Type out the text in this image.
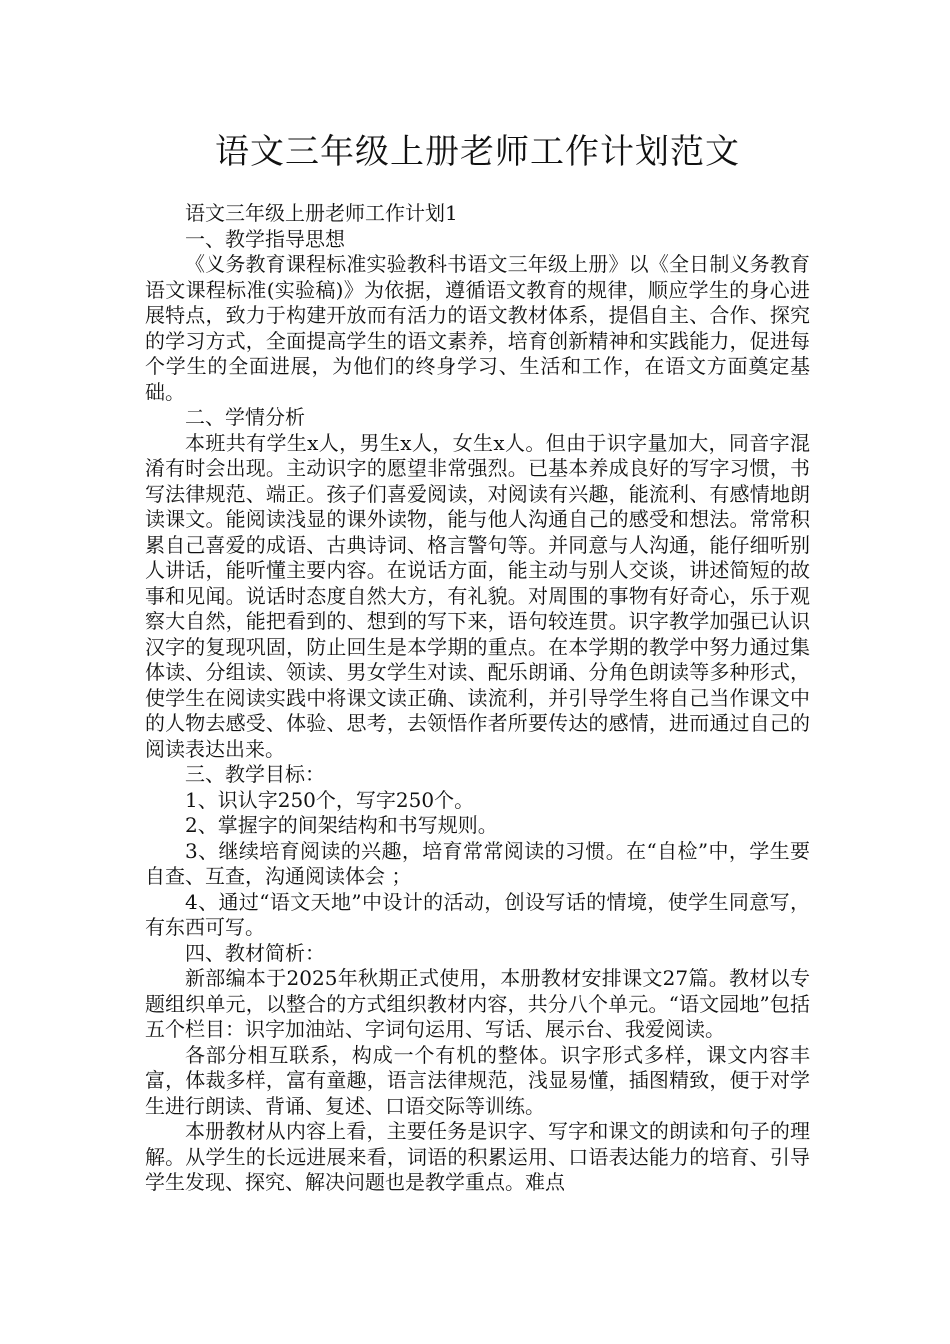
语文三年级上册老师工作计划范文

语文三年级上册老师工作计划1

一、教学指导思想

《义务教育课程标准实验教科书语文三年级上册》以《全日制义务教育语文课程标准(实验稿)》为依据，遵循语文教育的规律，顺应学生的身心进展特点，致力于构建开放而有活力的语文教材体系，提倡自主、合作、探究的学习方式，全面提高学生的语文素养，培育创新精神和实践能力，促进每个学生的全面进展，为他们的终身学习、生活和工作，在语文方面奠定基础。

二、学情分析

本班共有学生x人，男生x人，女生x人。但由于识字量加大，同音字混淆有时会出现。主动识字的愿望非常强烈。已基本养成良好的写字习惯，书写法律规范、端正。孩子们喜爱阅读，对阅读有兴趣，能流利、有感情地朗读课文。能阅读浅显的课外读物，能与他人沟通自己的感受和想法。常常积累自己喜爱的成语、古典诗词、格言警句等。并同意与人沟通，能仔细听别人讲话，能听懂主要内容。在说话方面，能主动与别人交谈，讲述简短的故事和见闻。说话时态度自然大方，有礼貌。对周围的事物有好奇心，乐于观察大自然，能把看到的、想到的写下来，语句较连贯。识字教学加强已认识汉字的复现巩固，防止回生是本学期的重点。在本学期的教学中努力通过集体读、分组读、领读、男女学生对读、配乐朗诵、分角色朗读等多种形式，使学生在阅读实践中将课文读正确、读流利，并引导学生将自己当作课文中的人物去感受、体验、思考，去领悟作者所要传达的感情，进而通过自己的阅读表达出来。

三、教学目标：

1、识认字250个，写字250个。

2、掌握字的间架结构和书写规则。

3、继续培育阅读的兴趣，培育常常阅读的习惯。在“自检”中，学生要自查、互查，沟通阅读体会 ；

4、通过“语文天地”中设计的活动，创设写话的情境，使学生同意写，有东西可写。

四、教材简析：

新部编本于2025年秋期正式使用，本册教材安排课文27篇。教材以专题组织单元，以整合的方式组织教材内容，共分八个单元。“语文园地”包括五个栏目：识字加油站、字词句运用、写话、展示台、我爱阅读。

各部分相互联系，构成一个有机的整体。识字形式多样，课文内容丰富，体裁多样，富有童趣，语言法律规范，浅显易懂，插图精致，便于对学生进行朗读、背诵、复述、口语交际等训练。

本册教材从内容上看，主要任务是识字、写字和课文的朗读和句子的理解。从学生的长远进展来看，词语的积累运用、口语表达能力的培育、引导学生发现、探究、解决问题也是教学重点。难点
